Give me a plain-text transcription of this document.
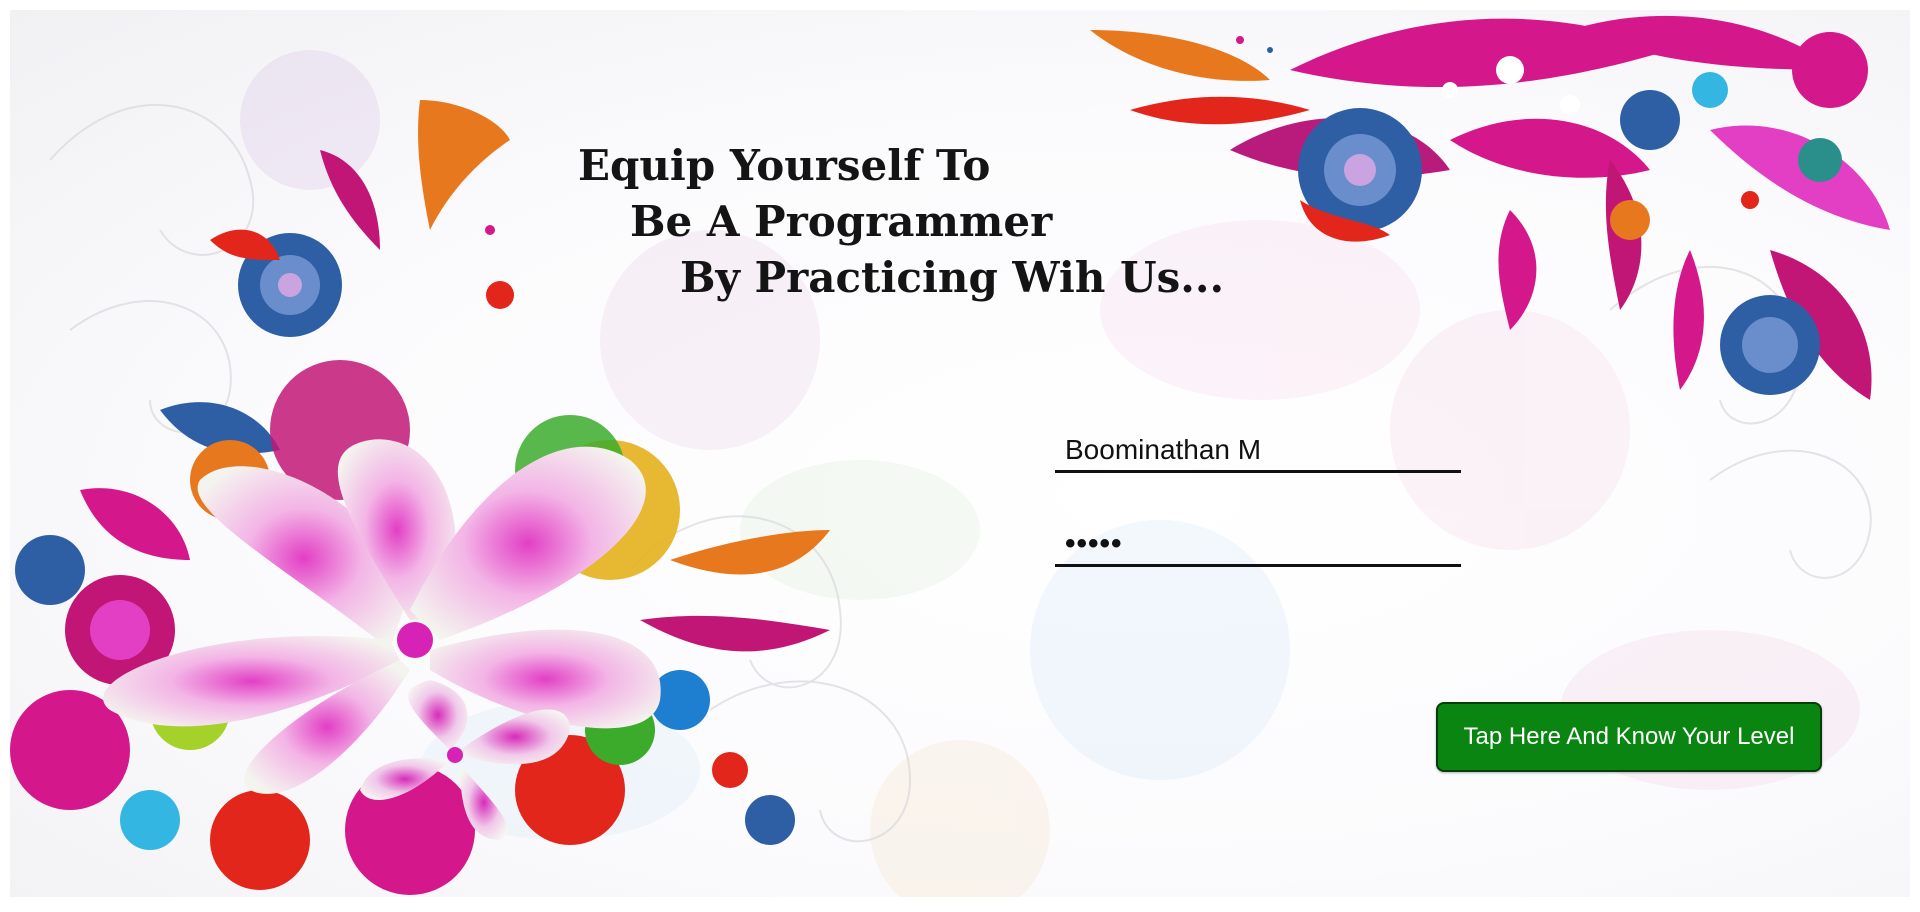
Equip Yourself To
Be A Programmer
By Practicing Wih Us...
Boominathan M
•••••
Tap Here And Know Your Level
